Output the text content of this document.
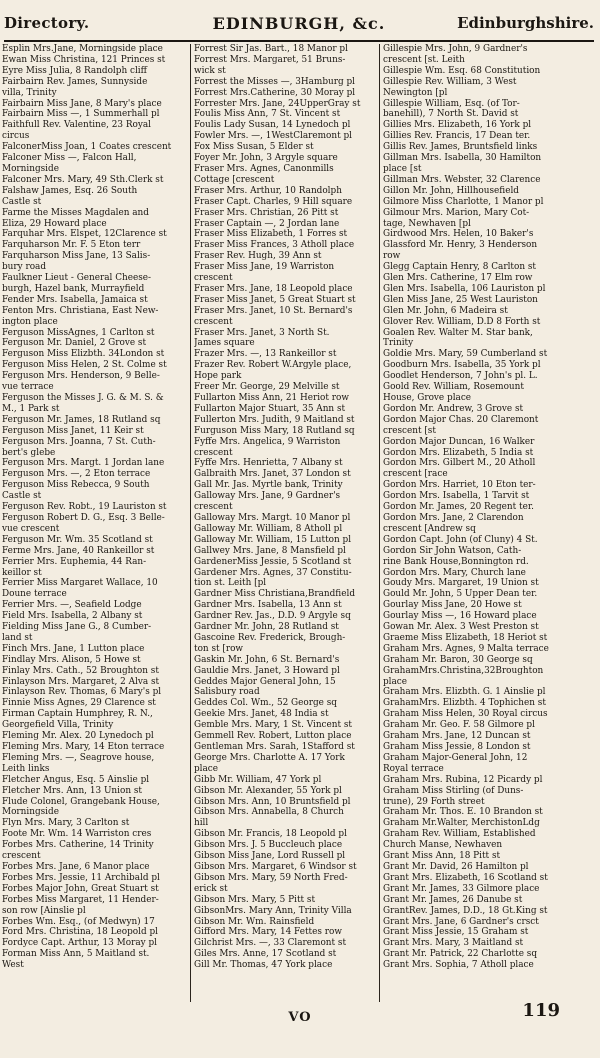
Directory.	EDINBURGH, &c.	Edinburghshire.

Esplin Mrs.Jane, Morningside place

Ewan Miss Christina, 121 Princes st

Eyre Miss Julia, 8 Randolph cliff

Fairbairn Rev. James, Sunnyside

villa, Trinity

Fairbairn Miss Jane, 8 Mary's place

Fairbairn Miss —, 1 Summerhall pl

Faithfull Rev. Valentine, 23 Royal

circus

FalconerMiss Joan, 1 Coates crescent

Falconer Miss —, Falcon Hall,

Morningside

Falconer Mrs. Mary, 49 Sth.Clerk st

Falshaw James, Esq. 26 South

Castle st

Farme the Misses Magdalen and

Eliza, 29 Howard place

Farquhar Mrs. Elspet, 12Clarence st

Farquharson Mr. F. 5 Eton terr

Farquharson Miss Jane, 13 Salis-

bury road

Faulkner Lieut - General Cheese-

burgh, Hazel bank, Murrayfield

Fender Mrs. Isabella, Jamaica st

Fenton Mrs. Christiana, East New-

ington place

Ferguson MissAgnes, 1 Carlton st

Ferguson Mr. Daniel, 2 Grove st

Ferguson Miss Elizbth. 34London st

Ferguson Miss Helen, 2 St. Colme st

Ferguson Mrs. Henderson, 9 Belle-

vue terrace

Ferguson the Misses J. G. & M. S. &

M., 1 Park st

Ferguson Mr. James, 18 Rutland sq

Ferguson Miss Janet, 11 Keir st

Ferguson Mrs. Joanna, 7 St. Cuth-

bert's glebe

Ferguson Mrs. Margt. 1 Jordan lane

Ferguson Mrs. —, 2 Eton terrace

Ferguson Miss Rebecca, 9 South

Castle st

Ferguson Rev. Robt., 19 Lauriston st

Ferguson Robert D. G., Esq. 3 Belle-

vue crescent

Ferguson Mr. Wm. 35 Scotland st

Ferme Mrs. Jane, 40 Rankeillor st

Ferrier Mrs. Euphemia, 44 Ran-

keillor st

Ferrier Miss Margaret Wallace, 10

Doune terrace

Ferrier Mrs. —, Seafield Lodge

Field Mrs. Isabella, 2 Albany st

Fielding Miss Jane G., 8 Cumber-

land st

Finch Mrs. Jane, 1 Lutton place

Findlay Mrs. Alison, 5 Howe st

Finlay Mrs. Cath., 52 Broughton st

Finlayson Mrs. Margaret, 2 Alva st

Finlayson Rev. Thomas, 6 Mary's pl

Finnie Miss Agnes, 29 Clarence st

Firman Captain Humphrey, R. N.,

Georgefield Villa, Trinity

Fleming Mr. Alex. 20 Lynedoch pl

Fleming Mrs. Mary, 14 Eton terrace

Fleming Mrs. —, Seagrove house,

Leith links

Fletcher Angus, Esq. 5 Ainslie pl

Fletcher Mrs. Ann, 13 Union st

Flude Colonel, Grangebank House,

Morningside

Flyn Mrs. Mary, 3 Carlton st

Foote Mr. Wm. 14 Warriston cres

Forbes Mrs. Catherine, 14 Trinity

crescent

Forbes Mrs. Jane, 6 Manor place

Forbes Mrs. Jessie, 11 Archibald pl

Forbes Major John, Great Stuart st

Forbes Miss Margaret, 11 Hender-

son row [Ainslie pl

Forbes Wm. Esq., (of Medwyn) 17

Ford Mrs. Christina, 18 Leopold pl

Fordyce Capt. Arthur, 13 Moray pl

Forman Miss Ann, 5 Maitland st.

West

Forrest Sir Jas. Bart., 18 Manor pl

Forrest Mrs. Margaret, 51 Bruns-

wick st

Forrest the Misses —, 3Hamburg pl

Forrest Mrs.Catherine, 30 Moray pl

Forrester Mrs. Jane, 24UpperGray st

Foulis Miss Ann, 7 St. Vincent st

Foulis Lady Susan, 14 Lynedoch pl

Fowler Mrs. —, 1WestClaremont pl

Fox Miss Susan, 5 Elder st

Foyer Mr. John, 3 Argyle square

Fraser Mrs. Agnes, Canonmills

Cottage [crescent

Fraser Mrs. Arthur, 10 Randolph

Fraser Capt. Charles, 9 Hill square

Fraser Mrs. Christian, 26 Pitt st

Fraser Captain —, 2 Jordan lane

Fraser Miss Elizabeth, 1 Forres st

Fraser Miss Frances, 3 Atholl place

Fraser Rev. Hugh, 39 Ann st

Fraser Miss Jane, 19 Warriston

crescent

Fraser Mrs. Jane, 18 Leopold place

Fraser Miss Janet, 5 Great Stuart st

Fraser Mrs. Janet, 10 St. Bernard's

crescent

Fraser Mrs. Janet, 3 North St.

James square

Frazer Mrs. —, 13 Rankeillor st

Frazer Rev. Robert W.Argyle place,

Hope park

Freer Mr. George, 29 Melville st

Fullarton Miss Ann, 21 Heriot row

Fullarton Major Stuart, 35 Ann st

Fullerton Mrs. Judith, 9 Maitland st

Furguson Miss Mary, 18 Rutland sq

Fyffe Mrs. Angelica, 9 Warriston

crescent

Fyffe Mrs. Henrietta, 7 Albany st

Galbraith Mrs. Janet, 37 London st

Gall Mr. Jas. Myrtle bank, Trinity

Galloway Mrs. Jane, 9 Gardner's

crescent

Galloway Mrs. Margt. 10 Manor pl

Galloway Mr. William, 8 Atholl pl

Galloway Mr. William, 15 Lutton pl

Gallwey Mrs. Jane, 8 Mansfield pl

GardenerMiss Jessie, 5 Scotland st

Gardener Mrs. Agnes, 37 Constitu-

tion st. Leith [pl

Gardner Miss Christiana,Brandfield

Gardner Mrs. Isabella, 13 Ann st

Gardner Rev. Jas., D.D. 9 Argyle sq

Gardner Mr. John, 28 Rutland st

Gascoine Rev. Frederick, Brough-

ton st [row

Gaskin Mr. John, 6 St. Bernard's

Gauldie Mrs. Janet, 3 Howard pl

Geddes Major General John, 15

Salisbury road

Geddes Col. Wm., 52 George sq

Geekie Mrs. Janet, 48 India st

Gemble Mrs. Mary, 1 St. Vincent st

Gemmell Rev. Robert, Lutton place

Gentleman Mrs. Sarah, 1Stafford st

George Mrs. Charlotte A. 17 York

place

Gibb Mr. William, 47 York pl

Gibson Mr. Alexander, 55 York pl

Gibson Mrs. Ann, 10 Bruntsfield pl

Gibson Mrs. Annabella, 8 Church

hill

Gibson Mr. Francis, 18 Leopold pl

Gibson Mrs. J. 5 Buccleuch place

Gibson Miss Jane, Lord Russell pl

Gibson Mrs. Margaret, 6 Windsor st

Gibson Mrs. Mary, 59 North Fred-

erick st

Gibson Mrs. Mary, 5 Pitt st

GibsonMrs. Mary Ann, Trinity Villa

Gibson Mr. Wm. Rainsfield

Gifford Mrs. Mary, 14 Fettes row

Gilchrist Mrs. —, 33 Claremont st

Giles Mrs. Anne, 17 Scotland st

Gill Mr. Thomas, 47 York place

Gillespie Mrs. John, 9 Gardner's

crescent [st. Leith

Gillespie Wm. Esq. 68 Constitution

Gillespie Rev. William, 3 West

Newington [pl

Gillespie William, Esq. (of Tor-

banehill), 7 North St. David st

Gillies Mrs. Elizabeth, 16 York pl

Gillies Rev. Francis, 17 Dean ter.

Gillis Rev. James, Bruntsfield links

Gillman Mrs. Isabella, 30 Hamilton

place [st

Gillman Mrs. Webster, 32 Clarence

Gillon Mr. John, Hillhousefield

Gilmore Miss Charlotte, 1 Manor pl

Gilmour Mrs. Marion, Mary Cot-

tage, Newhaven [pl

Girdwood Mrs. Helen, 10 Baker's

Glassford Mr. Henry, 3 Henderson

row

Glegg Captain Henry, 8 Carlton st

Glen Mrs. Catherine, 17 Elm row

Glen Mrs. Isabella, 106 Lauriston pl

Glen Miss Jane, 25 West Lauriston

Glen Mr. John, 6 Madeira st

Glover Rev. William, D.D 8 Forth st

Goalen Rev. Walter M. Star bank,

Trinity

Goldie Mrs. Mary, 59 Cumberland st

Goodburn Mrs. Isabella, 35 York pl

Goodlet Henderson, 7 John's pl. L.

Goold Rev. William, Rosemount

House, Grove place

Gordon Mr. Andrew, 3 Grove st

Gordon Major Chas. 20 Claremont

crescent [st

Gordon Major Duncan, 16 Walker

Gordon Mrs. Elizabeth, 5 India st

Gordon Mrs. Gilbert M., 20 Atholl

crescent [race

Gordon Mrs. Harriet, 10 Eton ter-

Gordon Mrs. Isabella, 1 Tarvit st

Gordon Mr. James, 20 Regent ter.

Gordon Mrs. Jane, 2 Clarendon

crescent [Andrew sq

Gordon Capt. John (of Cluny) 4 St.

Gordon Sir John Watson, Cath-

rine Bank House,Bonnington rd.

Gordon Mrs. Mary, Church lane

Goudy Mrs. Margaret, 19 Union st

Gould Mr. John, 5 Upper Dean ter.

Gourlay Miss Jane, 20 Howe st

Gourlay Miss —, 16 Howard place

Gowan Mr. Alex. 3 West Preston st

Graeme Miss Elizabeth, 18 Heriot st

Graham Mrs. Agnes, 9 Malta terrace

Graham Mr. Baron, 30 George sq

GrahamMrs.Christina,32Broughton

place

Graham Mrs. Elizbth. G. 1 Ainslie pl

GrahamMrs. Elizbth. 4 Tophichen st

Graham Miss Helen, 30 Royal circus

Graham Mr. Geo. F. 58 Gilmore pl

Graham Mrs. Jane, 12 Duncan st

Graham Miss Jessie, 8 London st

Graham Major-General John, 12

Royal terrace

Graham Mrs. Rubina, 12 Picardy pl

Graham Miss Stirling (of Duns-

trune), 29 Forth street

Graham Mr. Thos. E. 10 Brandon st

Graham Mr.Walter, MerchistonLdg

Graham Rev. William, Established

Church Manse, Newhaven

Grant Miss Ann, 18 Pitt st

Grant Mr. David, 26 Hamilton pl

Grant Mrs. Elizabeth, 16 Scotland st

Grant Mr. James, 33 Gilmore place

Grant Mr. James, 26 Danube st

GrantRev. James, D.D., 18 Gt.King st

Grant Mrs. Jane, 6 Gardner's crsct

Grant Miss Jessie, 15 Graham st

Grant Mrs. Mary, 3 Maitland st

Grant Mr. Patrick, 22 Charlotte sq

Grant Mrs. Sophia, 7 Atholl place

VO	119
